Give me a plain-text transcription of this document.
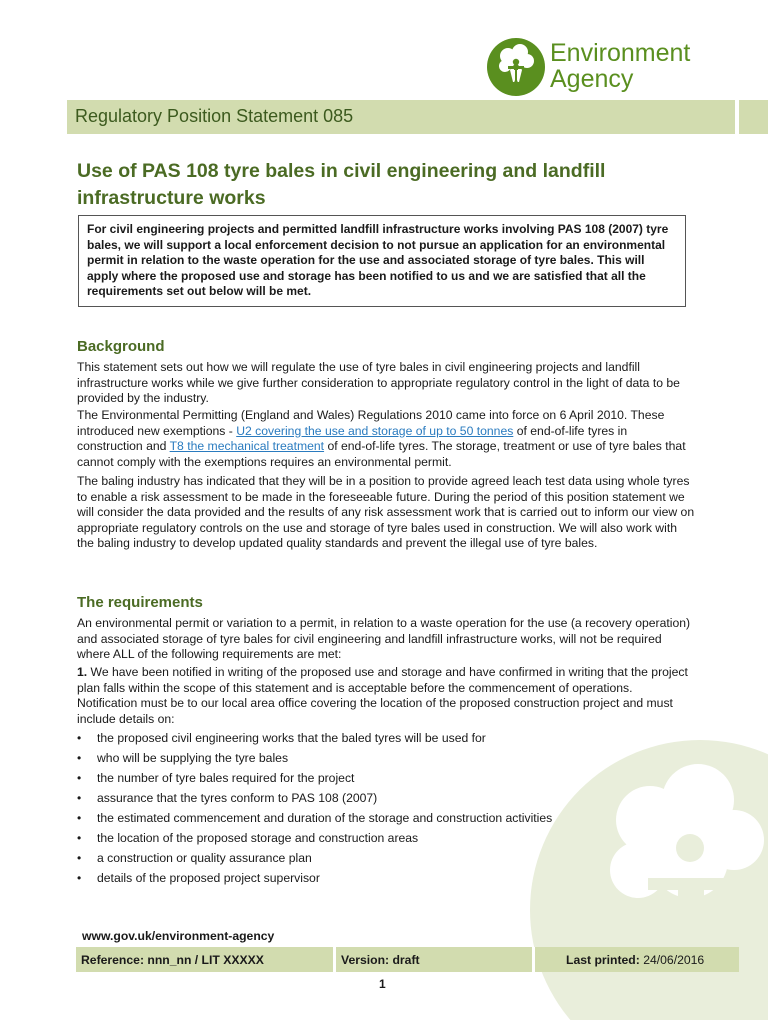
Environment
Agency
Regulatory Position Statement 085
Use of PAS 108 tyre bales in civil engineering and landfill infrastructure works
For civil engineering projects and permitted landfill infrastructure works involving PAS 108 (2007) tyre bales, we will support a local enforcement decision to not pursue an application for an environmental permit in relation to the waste operation for the use and associated storage of tyre bales. This will apply where the proposed use and storage has been notified to us and we are satisfied that all the requirements set out below will be met.
Background

This statement sets out how we will regulate the use of tyre bales in civil engineering projects and landfill infrastructure works while we give further consideration to appropriate regulatory control in the light of data to be provided by the industry.

The Environmental Permitting (England and Wales) Regulations 2010 came into force on 6 April 2010. These introduced new exemptions - U2 covering the use and storage of up to 50 tonnes of end-of-life tyres in construction and T8 the mechanical treatment of end-of-life tyres. The storage, treatment or use of tyre bales that cannot comply with the exemptions requires an environmental permit.

The baling industry has indicated that they will be in a position to provide agreed leach test data using whole tyres to enable a risk assessment to be made in the foreseeable future. During the period of this position statement we will consider the data provided and the results of any risk assessment work that is carried out to inform our view on appropriate regulatory controls on the use and storage of tyre bales used in construction. We will also work with the baling industry to develop updated quality standards and prevent the illegal use of tyre bales.

The requirements

An environmental permit or variation to a permit, in relation to a waste operation for the use (a recovery operation) and associated storage of tyre bales for civil engineering and landfill infrastructure works, will not be required where ALL of the following requirements are met:

1. We have been notified in writing of the proposed use and storage and have confirmed in writing that the project plan falls within the scope of this statement and is acceptable before the commencement of operations. Notification must be to our local area office covering the location of the proposed construction project and must include details on:

• the proposed civil engineering works that the baled tyres will be used for
• who will be supplying the tyre bales
• the number of tyre bales required for the project
• assurance that the tyres conform to PAS 108 (2007)
• the estimated commencement and duration of the storage and construction activities
• the location of the proposed storage and construction areas
• a construction or quality assurance plan
• details of the proposed project supervisor
www.gov.uk/environment-agency
Reference: nnn_nn / LIT XXXXX	Version: draft	Last printed: 24/06/2016
1
